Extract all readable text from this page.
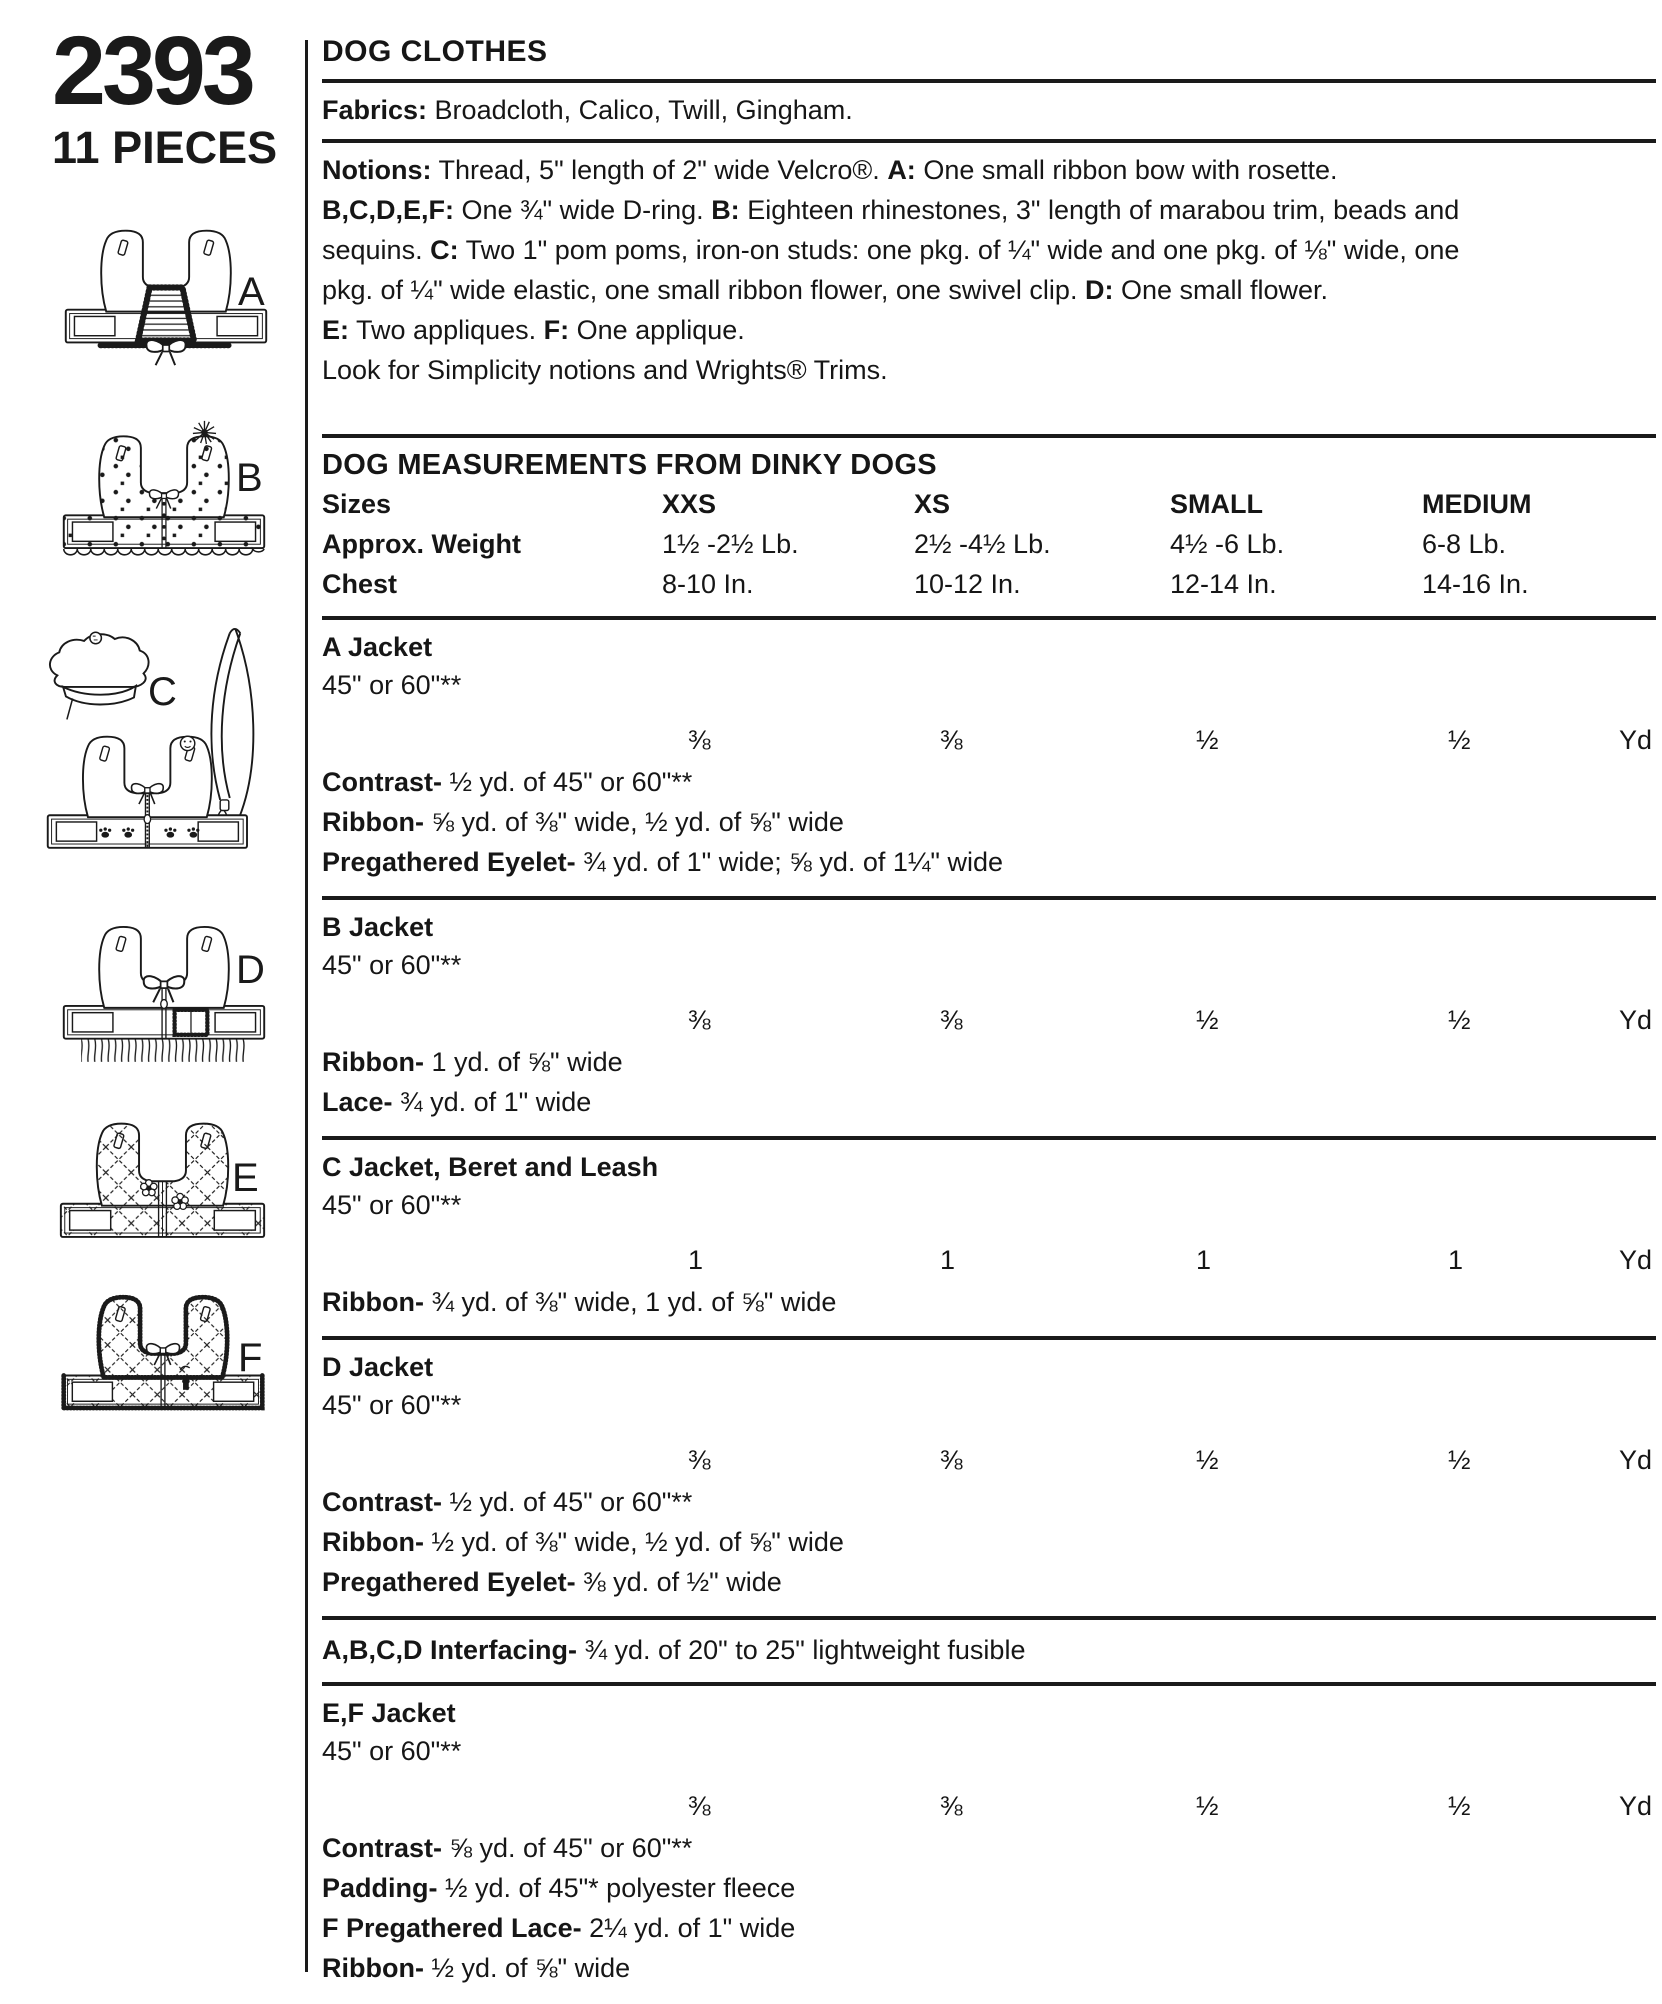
2393
11 PIECES
A
B
C
D
E
F
DOG CLOTHES
Fabrics: Broadcloth, Calico, Twill, Gingham.
Notions: Thread, 5" length of 2" wide Velcro®. A: One small ribbon bow with rosette.
B,C,D,E,F: One ¾" wide D-ring. B: Eighteen rhinestones, 3" length of marabou trim, beads and
sequins. C: Two 1" pom poms, iron-on studs: one pkg. of ¼" wide and one pkg. of ⅛" wide, one
pkg. of ¼" wide elastic, one small ribbon flower, one swivel clip. D: One small flower.
E: Two appliques. F: One applique.
Look for Simplicity notions and Wrights® Trims.
DOG MEASUREMENTS FROM DINKY DOGS
Sizes	XXS	XS	SMALL	MEDIUM
Approx. Weight	1½ -2½ Lb.	2½ -4½ Lb.	4½ -6 Lb.	6-8 Lb.
Chest	8-10 In.	10-12 In.	12-14 In.	14-16 In.
A Jacket
45" or 60"**
⅜	⅜	½	½	Yd
Contrast- ½ yd. of 45" or 60"**
Ribbon- ⅝ yd. of ⅜" wide, ½ yd. of ⅝" wide
Pregathered Eyelet- ¾ yd. of 1" wide; ⅝ yd. of 1¼" wide
B Jacket
45" or 60"**
⅜	⅜	½	½	Yd
Ribbon- 1 yd. of ⅝" wide
Lace- ¾ yd. of 1" wide
C Jacket, Beret and Leash
45" or 60"**
1	1	1	1	Yd
Ribbon- ¾ yd. of ⅜" wide, 1 yd. of ⅝" wide
D Jacket
45" or 60"**
⅜	⅜	½	½	Yd
Contrast- ½ yd. of 45" or 60"**
Ribbon- ½ yd. of ⅜" wide, ½ yd. of ⅝" wide
Pregathered Eyelet- ⅜ yd. of ½" wide
A,B,C,D Interfacing- ¾ yd. of 20" to 25" lightweight fusible
E,F Jacket
45" or 60"**
⅜	⅜	½	½	Yd
Contrast- ⅝ yd. of 45" or 60"**
Padding- ½ yd. of 45"* polyester fleece
F Pregathered Lace- 2¼ yd. of 1" wide
Ribbon- ½ yd. of ⅝" wide
